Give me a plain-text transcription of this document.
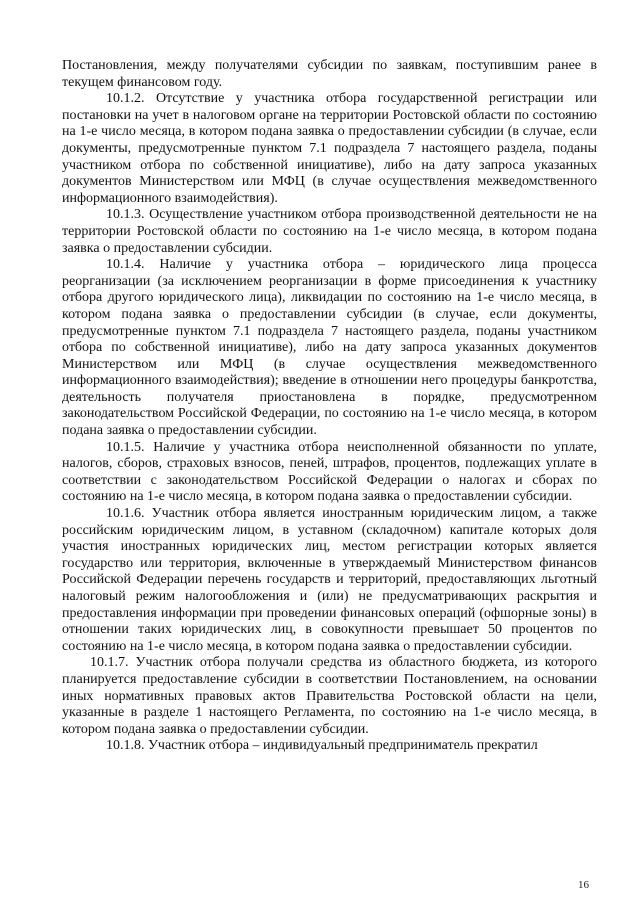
Постановления, между получателями субсидии по заявкам, поступившим ранее в текущем финансовом году.

10.1.2. Отсутствие у участника отбора государственной регистрации или постановки на учет в налоговом органе на территории Ростовской области по состоянию на 1-е число месяца, в котором подана заявка о предоставлении субсидии (в случае, если документы, предусмотренные пунктом 7.1 подраздела 7 настоящего раздела, поданы участником отбора по собственной инициативе), либо на дату запроса указанных документов Министерством или МФЦ (в случае осуществления межведомственного информационного взаимодействия).

10.1.3. Осуществление участником отбора производственной деятельности не на территории Ростовской области по состоянию на 1-е число месяца, в котором подана заявка о предоставлении субсидии.

10.1.4. Наличие у участника отбора – юридического лица процесса реорганизации (за исключением реорганизации в форме присоединения к участнику отбора другого юридического лица), ликвидации по состоянию на 1-е число месяца, в котором подана заявка о предоставлении субсидии (в случае, если документы, предусмотренные пунктом 7.1 подраздела 7 настоящего раздела, поданы участником отбора по собственной инициативе), либо на дату запроса указанных документов Министерством или МФЦ (в случае осуществления межведомственного информационного взаимодействия); введение в отношении него процедуры банкротства, деятельность получателя приостановлена в порядке, предусмотренном законодательством Российской Федерации, по состоянию на 1-е число месяца, в котором подана заявка о предоставлении субсидии.

10.1.5. Наличие у участника отбора неисполненной обязанности по уплате, налогов, сборов, страховых взносов, пеней, штрафов, процентов, подлежащих уплате в соответствии с законодательством Российской Федерации о налогах и сборах по состоянию на 1-е число месяца, в котором подана заявка о предоставлении субсидии.

10.1.6. Участник отбора является иностранным юридическим лицом, а также российским юридическим лицом, в уставном (складочном) капитале которых доля участия иностранных юридических лиц, местом регистрации которых является государство или территория, включенные в утверждаемый Министерством финансов Российской Федерации перечень государств и территорий, предоставляющих льготный налоговый режим налогообложения и (или) не предусматривающих раскрытия и предоставления информации при проведении финансовых операций (офшорные зоны) в отношении таких юридических лиц, в совокупности превышает 50 процентов по состоянию на 1-е число месяца, в котором подана заявка о предоставлении субсидии.

10.1.7. Участник отбора получали средства из областного бюджета, из которого планируется предоставление субсидии в соответствии Постановлением, на основании иных нормативных правовых актов Правительства Ростовской области на цели, указанные в разделе 1 настоящего Регламента, по состоянию на 1-е число месяца, в котором подана заявка о предоставлении субсидии.

10.1.8. Участник отбора – индивидуальный предприниматель прекратил

16
